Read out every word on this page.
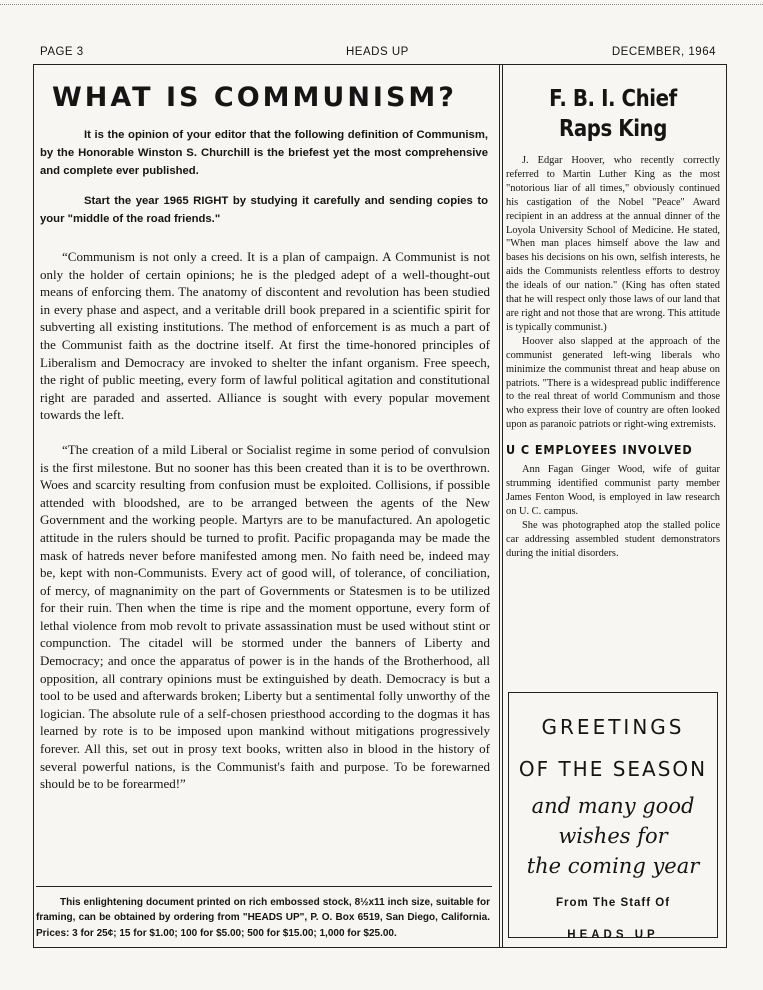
PAGE 3	HEADS UP	DECEMBER, 1964
WHAT IS COMMUNISM?

It is the opinion of your editor that the following definition of Communism, by the Honorable Winston S. Churchill is the briefest yet the most comprehensive and complete ever published.

Start the year 1965 RIGHT by studying it carefully and sending copies to your "middle of the road friends."

“Communism is not only a creed. It is a plan of campaign. A Communist is not only the holder of certain opinions; he is the pledged adept of a well-thought-out means of enforcing them. The anatomy of discontent and revolution has been studied in every phase and aspect, and a veritable drill book prepared in a scientific spirit for subverting all existing institutions. The method of enforcement is as much a part of the Communist faith as the doctrine itself. At first the time-honored principles of Liberalism and Democracy are invoked to shelter the infant organism. Free speech, the right of public meeting, every form of lawful political agitation and constitutional right are paraded and asserted. Alliance is sought with every popular movement towards the left.

“The creation of a mild Liberal or Socialist regime in some period of convulsion is the first milestone. But no sooner has this been created than it is to be overthrown. Woes and scarcity resulting from confusion must be exploited. Collisions, if possible attended with bloodshed, are to be arranged between the agents of the New Government and the working people. Martyrs are to be manufactured. An apologetic attitude in the rulers should be turned to profit. Pacific propaganda may be made the mask of hatreds never before manifested among men. No faith need be, indeed may be, kept with non-Communists. Every act of good will, of tolerance, of conciliation, of mercy, of magnanimity on the part of Governments or Statesmen is to be utilized for their ruin. Then when the time is ripe and the moment opportune, every form of lethal violence from mob revolt to private assassination must be used without stint or compunction. The citadel will be stormed under the banners of Liberty and Democracy; and once the apparatus of power is in the hands of the Brotherhood, all opposition, all contrary opinions must be extinguished by death. Democracy is but a tool to be used and afterwards broken; Liberty but a sentimental folly unworthy of the logician. The absolute rule of a self-chosen priesthood according to the dogmas it has learned by rote is to be imposed upon mankind without mitigations progressively forever. All this, set out in prosy text books, written also in blood in the history of several powerful nations, is the Communist's faith and purpose. To be forewarned should be to be forearmed!”

This enlightening document printed on rich embossed stock, 8½x11 inch size, suitable for framing, can be obtained by ordering from "HEADS UP", P. O. Box 6519, San Diego, California. Prices: 3 for 25¢; 15 for $1.00; 100 for $5.00; 500 for $15.00; 1,000 for $25.00.

F. B. I. Chief Raps King

J. Edgar Hoover, who recently correctly referred to Martin Luther King as the most "notorious liar of all times," obviously continued his castigation of the Nobel "Peace" Award recipient in an address at the annual dinner of the Loyola University School of Medicine. He stated, "When man places himself above the law and bases his decisions on his own, selfish interests, he aids the Communists relentless efforts to destroy the ideals of our nation." (King has often stated that he will respect only those laws of our land that are right and not those that are wrong. This attitude is typically communist.)

Hoover also slapped at the approach of the communist generated left-wing liberals who minimize the communist threat and heap abuse on patriots. "There is a widespread public indifference to the real threat of world Communism and those who express their love of country are often looked upon as paranoic patriots or right-wing extremists.

U C EMPLOYEES INVOLVED

Ann Fagan Ginger Wood, wife of guitar strumming identified communist party member James Fenton Wood, is employed in law research on U. C. campus.

She was photographed atop the stalled police car addressing assembled student demonstrators during the initial disorders.

GREETINGS
OF THE SEASON
and many good
wishes for
the coming year
From The Staff Of
HEADS UP
